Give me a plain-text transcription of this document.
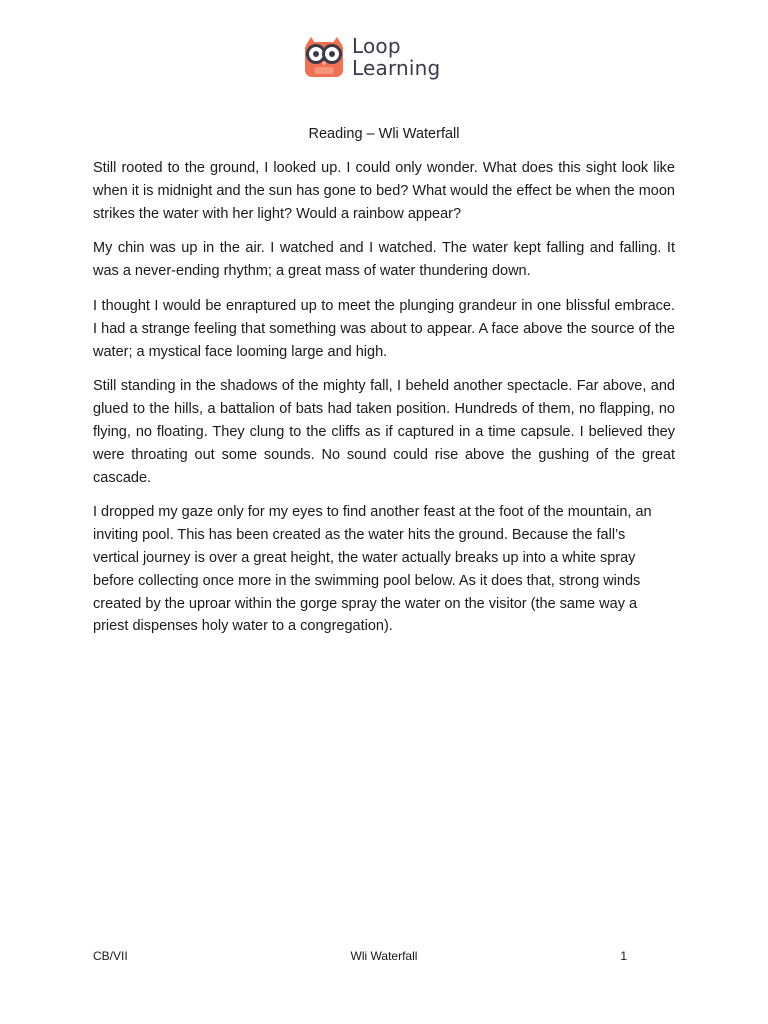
Loop
Learning
Reading – Wli Waterfall

Still rooted to the ground, I looked up. I could only wonder. What does this sight look like when it is midnight and the sun has gone to bed? What would the effect be when the moon strikes the water with her light? Would a rainbow appear?

My chin was up in the air. I watched and I watched. The water kept falling and falling. It was a never-ending rhythm; a great mass of water thundering down.

I thought I would be enraptured up to meet the plunging grandeur in one blissful embrace. I had a strange feeling that something was about to appear. A face above the source of the water; a mystical face looming large and high.

Still standing in the shadows of the mighty fall, I beheld another spectacle. Far above, and glued to the hills, a battalion of bats had taken position. Hundreds of them, no flapping, no flying, no floating. They clung to the cliffs as if captured in a time capsule. I believed they were throating out some sounds. No sound could rise above the gushing of the great cascade.

I dropped my gaze only for my eyes to find another feast at the foot of the mountain, an inviting pool. This has been created as the water hits the ground. Because the fall’s vertical journey is over a great height, the water actually breaks up into a white spray before collecting once more in the swimming pool below. As it does that, strong winds created by the uproar within the gorge spray the water on the visitor (the same way a priest dispenses holy water to a congregation).

CB/VII	Wli Waterfall	1
